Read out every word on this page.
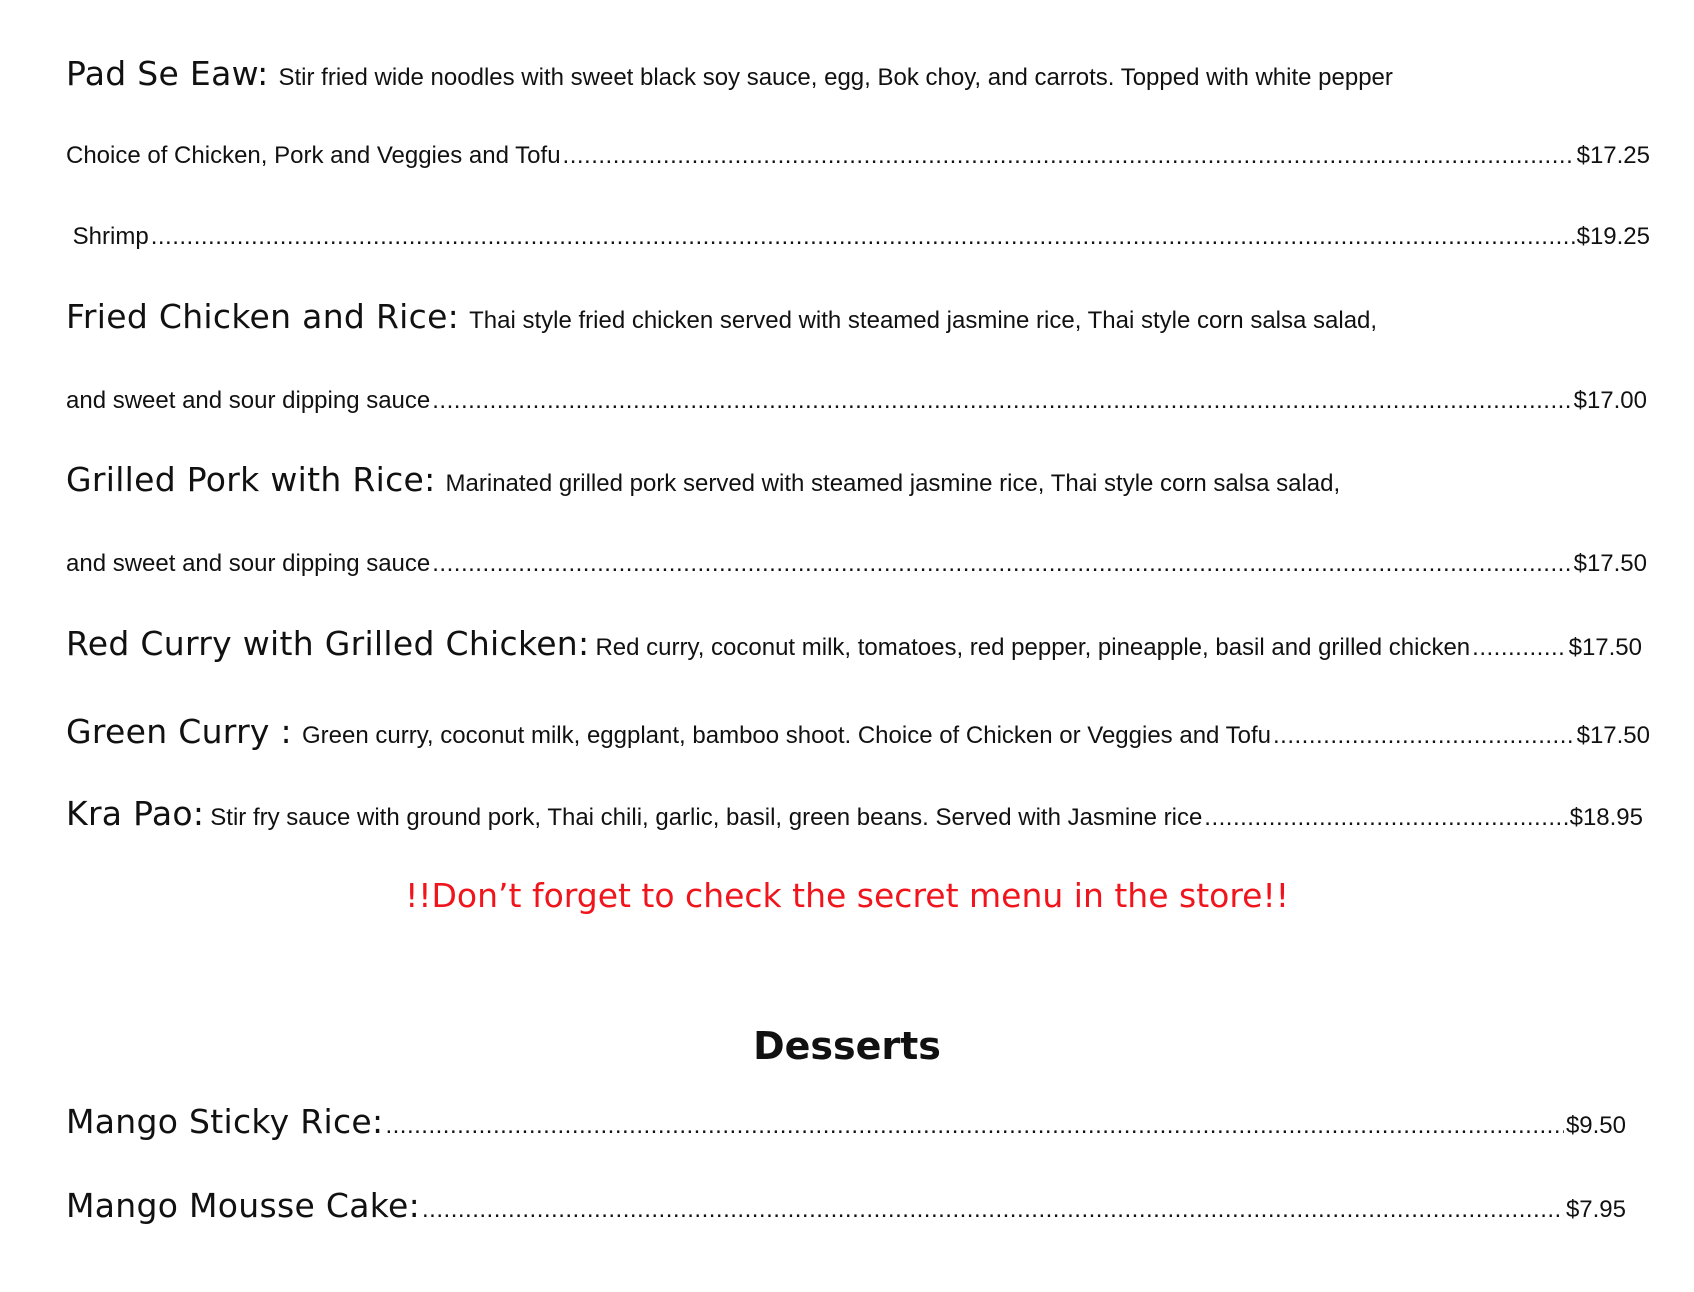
Pad Se Eaw: Stir fried wide noodles with sweet black soy sauce, egg, Bok choy, and carrots. Topped with white pepper
Choice of Chicken, Pork and Veggies and Tofu .....	$17.25
Shrimp .....	$19.25
Fried Chicken and Rice: Thai style fried chicken served with steamed jasmine rice, Thai style corn salsa salad,
and sweet and sour dipping sauce .....	$17.00
Grilled Pork with Rice: Marinated grilled pork served with steamed jasmine rice, Thai style corn salsa salad,
and sweet and sour dipping sauce .....	$17.50
Red Curry with Grilled Chicken: Red curry, coconut milk, tomatoes, red pepper, pineapple, basil and grilled chicken .....	$17.50
Green Curry : Green curry, coconut milk, eggplant, bamboo shoot. Choice of Chicken or Veggies and Tofu .....	$17.50
Kra Pao: Stir fry sauce with ground pork, Thai chili, garlic, basil, green beans. Served with Jasmine rice .....	$18.95
!!Don’t forget to check the secret menu in the store!!
Desserts
Mango Sticky Rice: .....	$9.50
Mango Mousse Cake: .....	$7.95
